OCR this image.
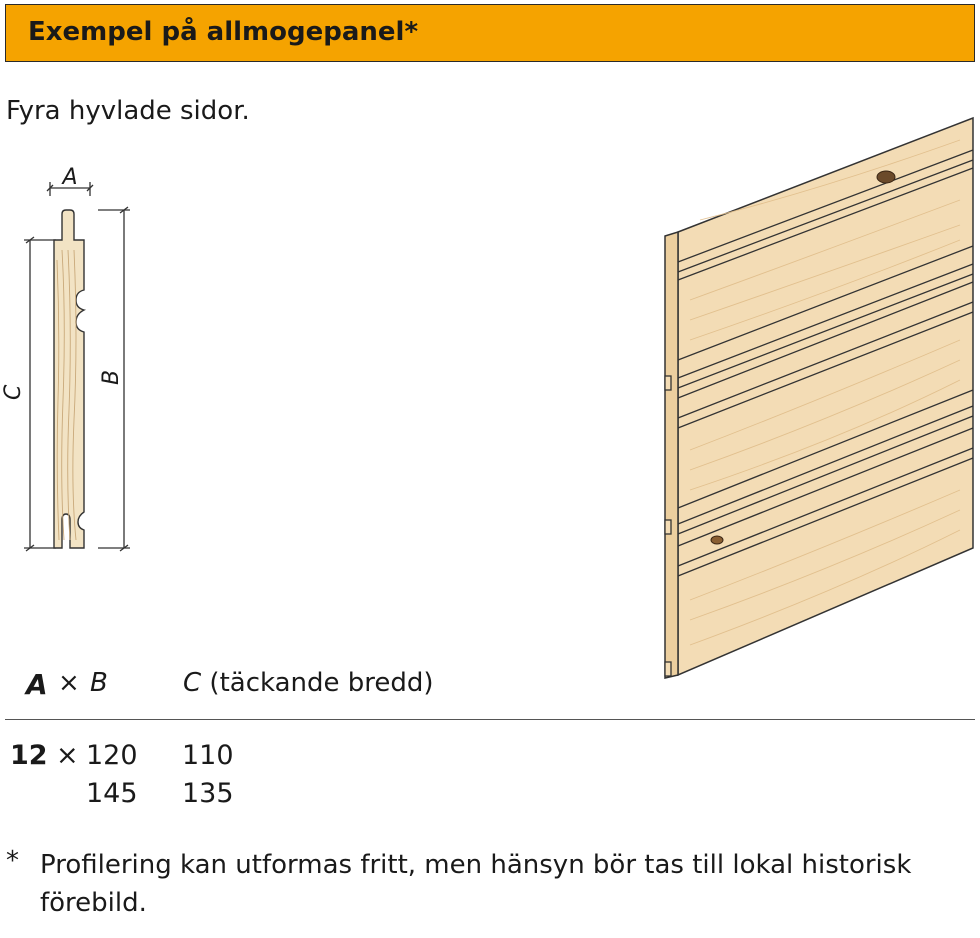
Exempel på allmogepanel*
Fyra hyvlade sidor.
A
C
B
A × B	C (täckande bredd)
12 × 120 110
145 135
* Profilering kan utformas fritt, men hänsyn bör tas till lokal historisk förebild.
